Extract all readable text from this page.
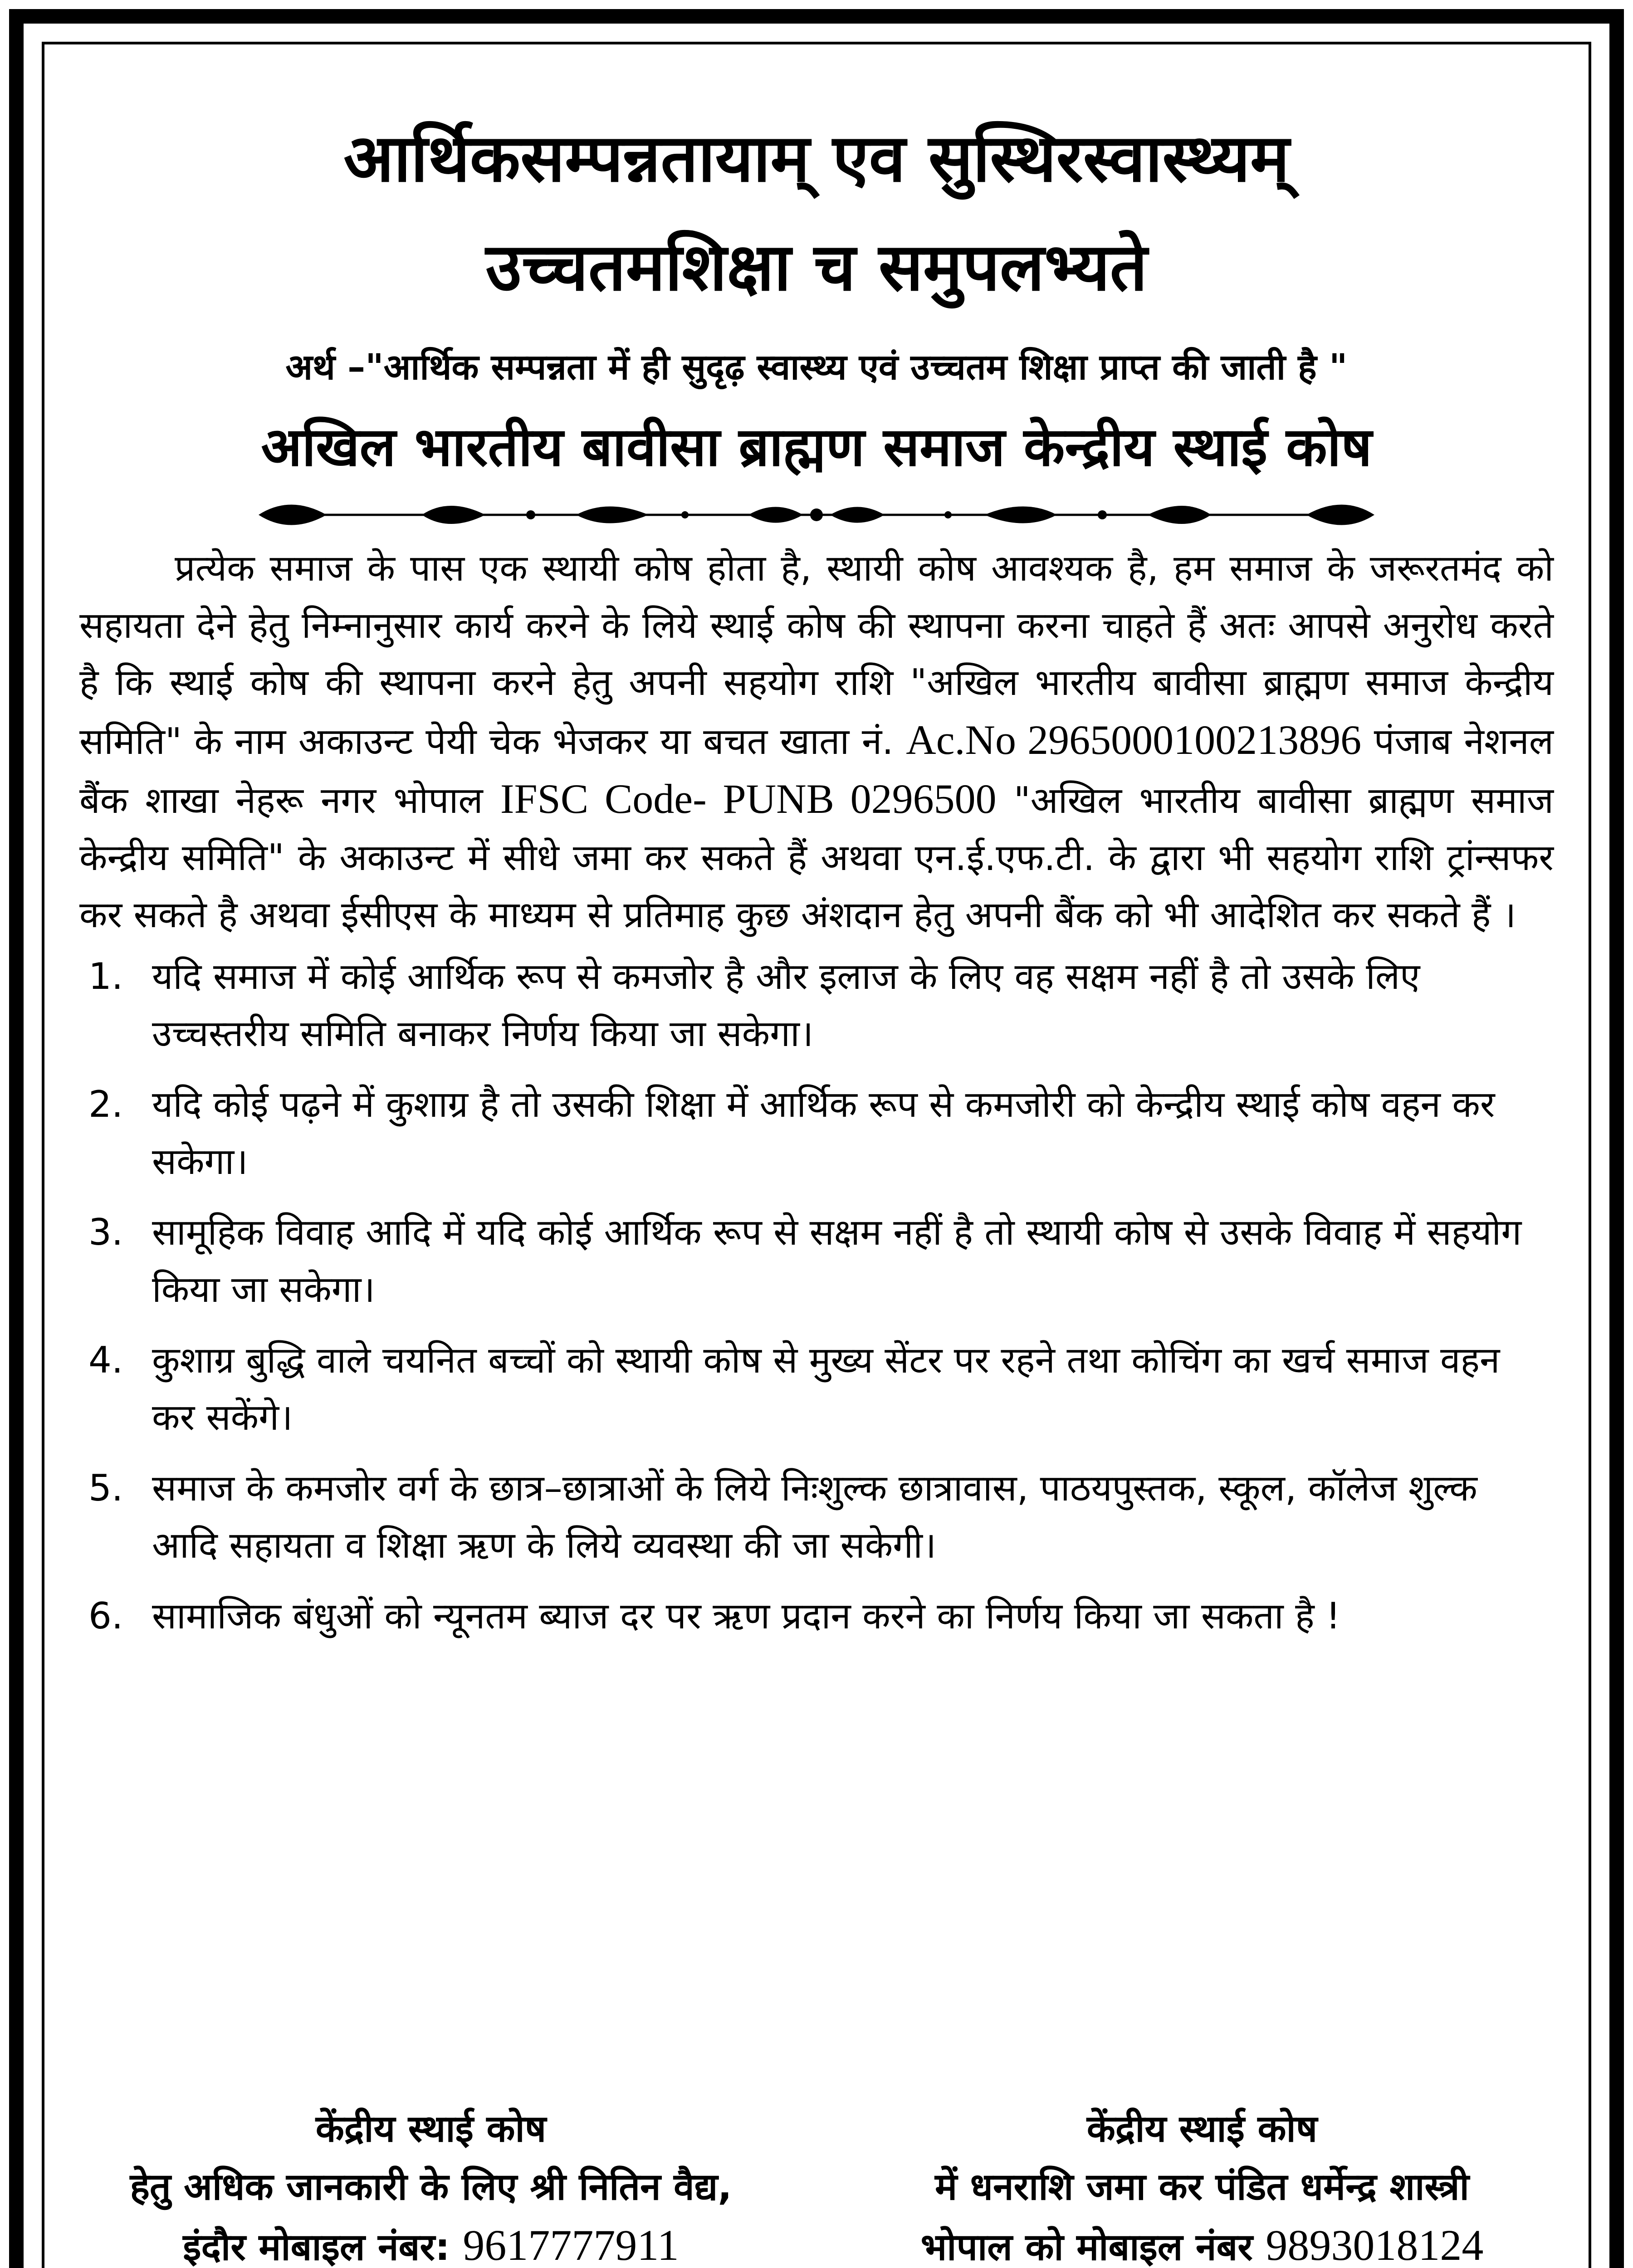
आर्थिकसम्पन्नतायाम् एव सुस्थिरस्वास्थ्यम्
उच्चतमशिक्षा च समुपलभ्यते
अर्थ –"आर्थिक सम्पन्नता में ही सुदृढ़ स्वास्थ्य एवं उच्चतम शिक्षा प्राप्त की जाती है "
अखिल भारतीय बावीसा ब्राह्मण समाज केन्द्रीय स्थाई कोष
प्रत्येक समाज के पास एक स्थायी कोष होता है, स्थायी कोष आवश्यक है, हम समाज के जरूरतमंद को सहायता देने हेतु निम्नानुसार कार्य करने के लिये स्थाई कोष की स्थापना करना चाहते हैं अतः आपसे अनुरोध करते है कि स्थाई कोष की स्थापना करने हेतु अपनी सहयोग राशि "अखिल भारतीय बावीसा ब्राह्मण समाज केन्द्रीय समिति" के नाम अकाउन्ट पेयी चेक भेजकर या बचत खाता नं. Ac.No 2965000100213896 पंजाब नेशनल बैंक शाखा नेहरू नगर भोपाल IFSC Code- PUNB 0296500 "अखिल भारतीय बावीसा ब्राह्मण समाज केन्द्रीय समिति" के अकाउन्ट में सीधे जमा कर सकते हैं अथवा एन.ई.एफ.टी. के द्वारा भी सहयोग राशि ट्रांन्सफर कर सकते है अथवा ईसीएस के माध्यम से प्रतिमाह कुछ अंशदान हेतु अपनी बैंक को भी आदेशित कर सकते हैं ।
1. यदि समाज में कोई आर्थिक रूप से कमजोर है और इलाज के लिए वह सक्षम नहीं है तो उसके लिए उच्चस्तरीय समिति बनाकर निर्णय किया जा सकेगा।
2. यदि कोई पढ़ने में कुशाग्र है तो उसकी शिक्षा में आर्थिक रूप से कमजोरी को केन्द्रीय स्थाई कोष वहन कर सकेगा।
3. सामूहिक विवाह आदि में यदि कोई आर्थिक रूप से सक्षम नहीं है तो स्थायी कोष से उसके विवाह में सहयोग किया जा सकेगा।
4. कुशाग्र बुद्धि वाले चयनित बच्चों को स्थायी कोष से मुख्य सेंटर पर रहने तथा कोचिंग का खर्च समाज वहन कर सकेंगे।
5. समाज के कमजोर वर्ग के छात्र–छात्राओं के लिये निःशुल्क छात्रावास, पाठयपुस्तक, स्कूल, कॉलेज शुल्क आदि सहायता व शिक्षा ऋण के लिये व्यवस्था की जा सकेगी।
6. सामाजिक बंधुओं को न्यूनतम ब्याज दर पर ऋण प्रदान करने का निर्णय किया जा सकता है !
केंद्रीय स्थाई कोष
हेतु अधिक जानकारी के लिए श्री नितिन वैद्य,
इंदौर मोबाइल नंबर: 9617777911
केंद्रीय स्थाई कोष
में धनराशि जमा कर पंडित धर्मेन्द्र शास्त्री
भोपाल को मोबाइल नंबर 9893018124
